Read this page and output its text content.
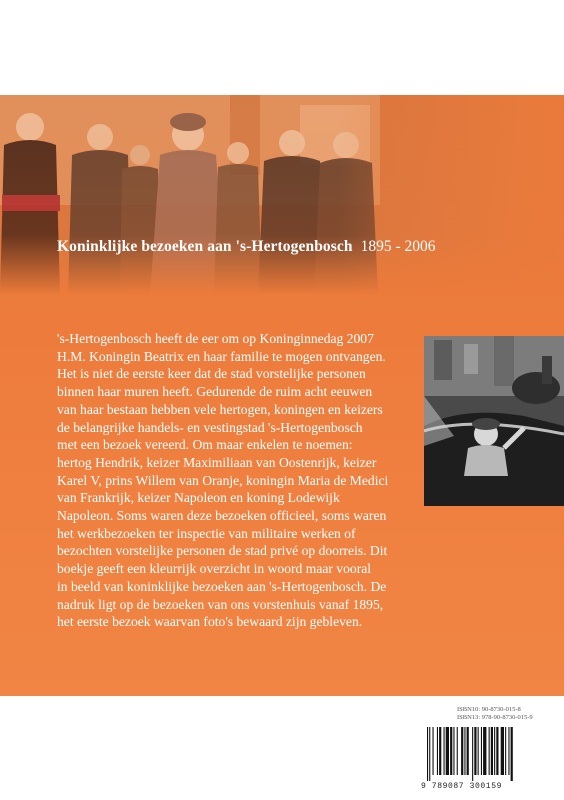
Koninklijke bezoeken aan 's-Hertogenbosch 1895 - 2006
's-Hertogenbosch heeft de eer om op Koninginnedag 2007
H.M. Koningin Beatrix en haar familie te mogen ontvangen.
Het is niet de eerste keer dat de stad vorstelijke personen
binnen haar muren heeft. Gedurende de ruim acht eeuwen
van haar bestaan hebben vele hertogen, koningen en keizers
de belangrijke handels- en vestingstad 's-Hertogenbosch
met een bezoek vereerd. Om maar enkelen te noemen:
hertog Hendrik, keizer Maximiliaan van Oostenrijk, keizer
Karel V, prins Willem van Oranje, koningin Maria de Medici
van Frankrijk, keizer Napoleon en koning Lodewijk
Napoleon. Soms waren deze bezoeken officieel, soms waren
het werkbezoeken ter inspectie van militaire werken of
bezochten vorstelijke personen de stad privé op doorreis. Dit
boekje geeft een kleurrijk overzicht in woord maar vooral
in beeld van koninklijke bezoeken aan 's-Hertogenbosch. De
nadruk ligt op de bezoeken van ons vorstenhuis vanaf 1895,
het eerste bezoek waarvan foto's bewaard zijn gebleven.
ISBN10: 90-8730-015-8
ISBN13: 978-90-8730-015-9
9 789087 300159
